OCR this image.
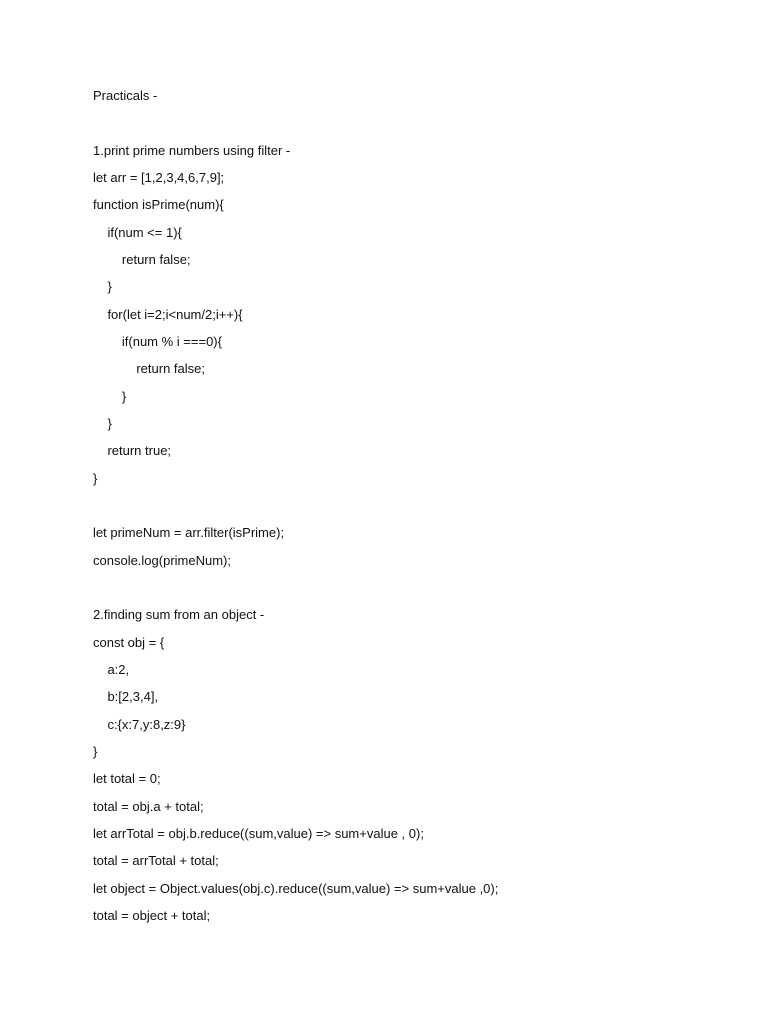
Practicals -
1.print prime numbers using filter -
let arr = [1,2,3,4,6,7,9];
function isPrime(num){
if(num <= 1){
return false;
}
for(let i=2;i<num/2;i++){
if(num % i ===0){
return false;
}
}
return true;
}
let primeNum = arr.filter(isPrime);
console.log(primeNum);
2.finding sum from an object -
const obj = {
a:2,
b:[2,3,4],
c:{x:7,y:8,z:9}
}
let total = 0;
total = obj.a + total;
let arrTotal = obj.b.reduce((sum,value) => sum+value , 0);
total = arrTotal + total;
let object = Object.values(obj.c).reduce((sum,value) => sum+value ,0);
total = object + total;
